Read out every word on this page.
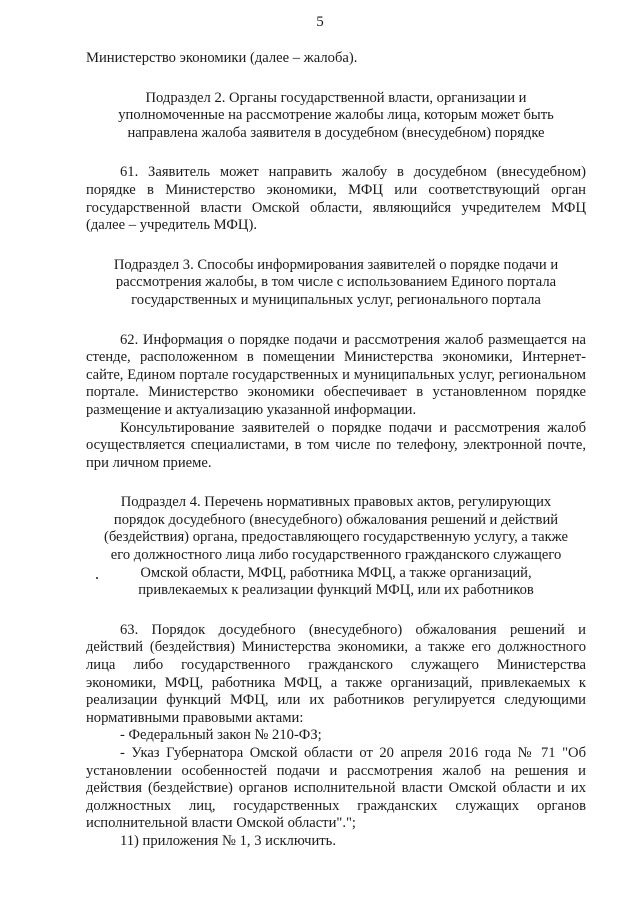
5

Министерство экономики (далее – жалоба).

Подраздел 2. Органы государственной власти, организации и уполномоченные на рассмотрение жалобы лица, которым может быть направлена жалоба заявителя в досудебном (внесудебном) порядке

61. Заявитель может направить жалобу в досудебном (внесудебном) порядке в Министерство экономики, МФЦ или соответствующий орган государственной власти Омской области, являющийся учредителем МФЦ (далее – учредитель МФЦ).

Подраздел 3. Способы информирования заявителей о порядке подачи и рассмотрения жалобы, в том числе с использованием Единого портала государственных и муниципальных услуг, регионального портала

62. Информация о порядке подачи и рассмотрения жалоб размещается на стенде, расположенном в помещении Министерства экономики, Интернет-сайте, Едином портале государственных и муниципальных услуг, региональном портале. Министерство экономики обеспечивает в установленном порядке размещение и актуализацию указанной информации.

Консультирование заявителей о порядке подачи и рассмотрения жалоб осуществляется специалистами, в том числе по телефону, электронной почте, при личном приеме.

Подраздел 4. Перечень нормативных правовых актов, регулирующих порядок досудебного (внесудебного) обжалования решений и действий (бездействия) органа, предоставляющего государственную услугу, а также его должностного лица либо государственного гражданского служащего Омской области, МФЦ, работника МФЦ, а также организаций, привлекаемых к реализации функций МФЦ, или их работников

63. Порядок досудебного (внесудебного) обжалования решений и действий (бездействия) Министерства экономики, а также его должностного лица либо государственного гражданского служащего Министерства экономики, МФЦ, работника МФЦ, а также организаций, привлекаемых к реализации функций МФЦ, или их работников регулируется следующими нормативными правовыми актами:

- Федеральный закон № 210-ФЗ;

- Указ Губернатора Омской области от 20 апреля 2016 года № 71 "Об установлении особенностей подачи и рассмотрения жалоб на решения и действия (бездействие) органов исполнительной власти Омской области и их должностных лиц, государственных гражданских служащих органов исполнительной власти Омской области".";

11) приложения № 1, 3 исключить.
